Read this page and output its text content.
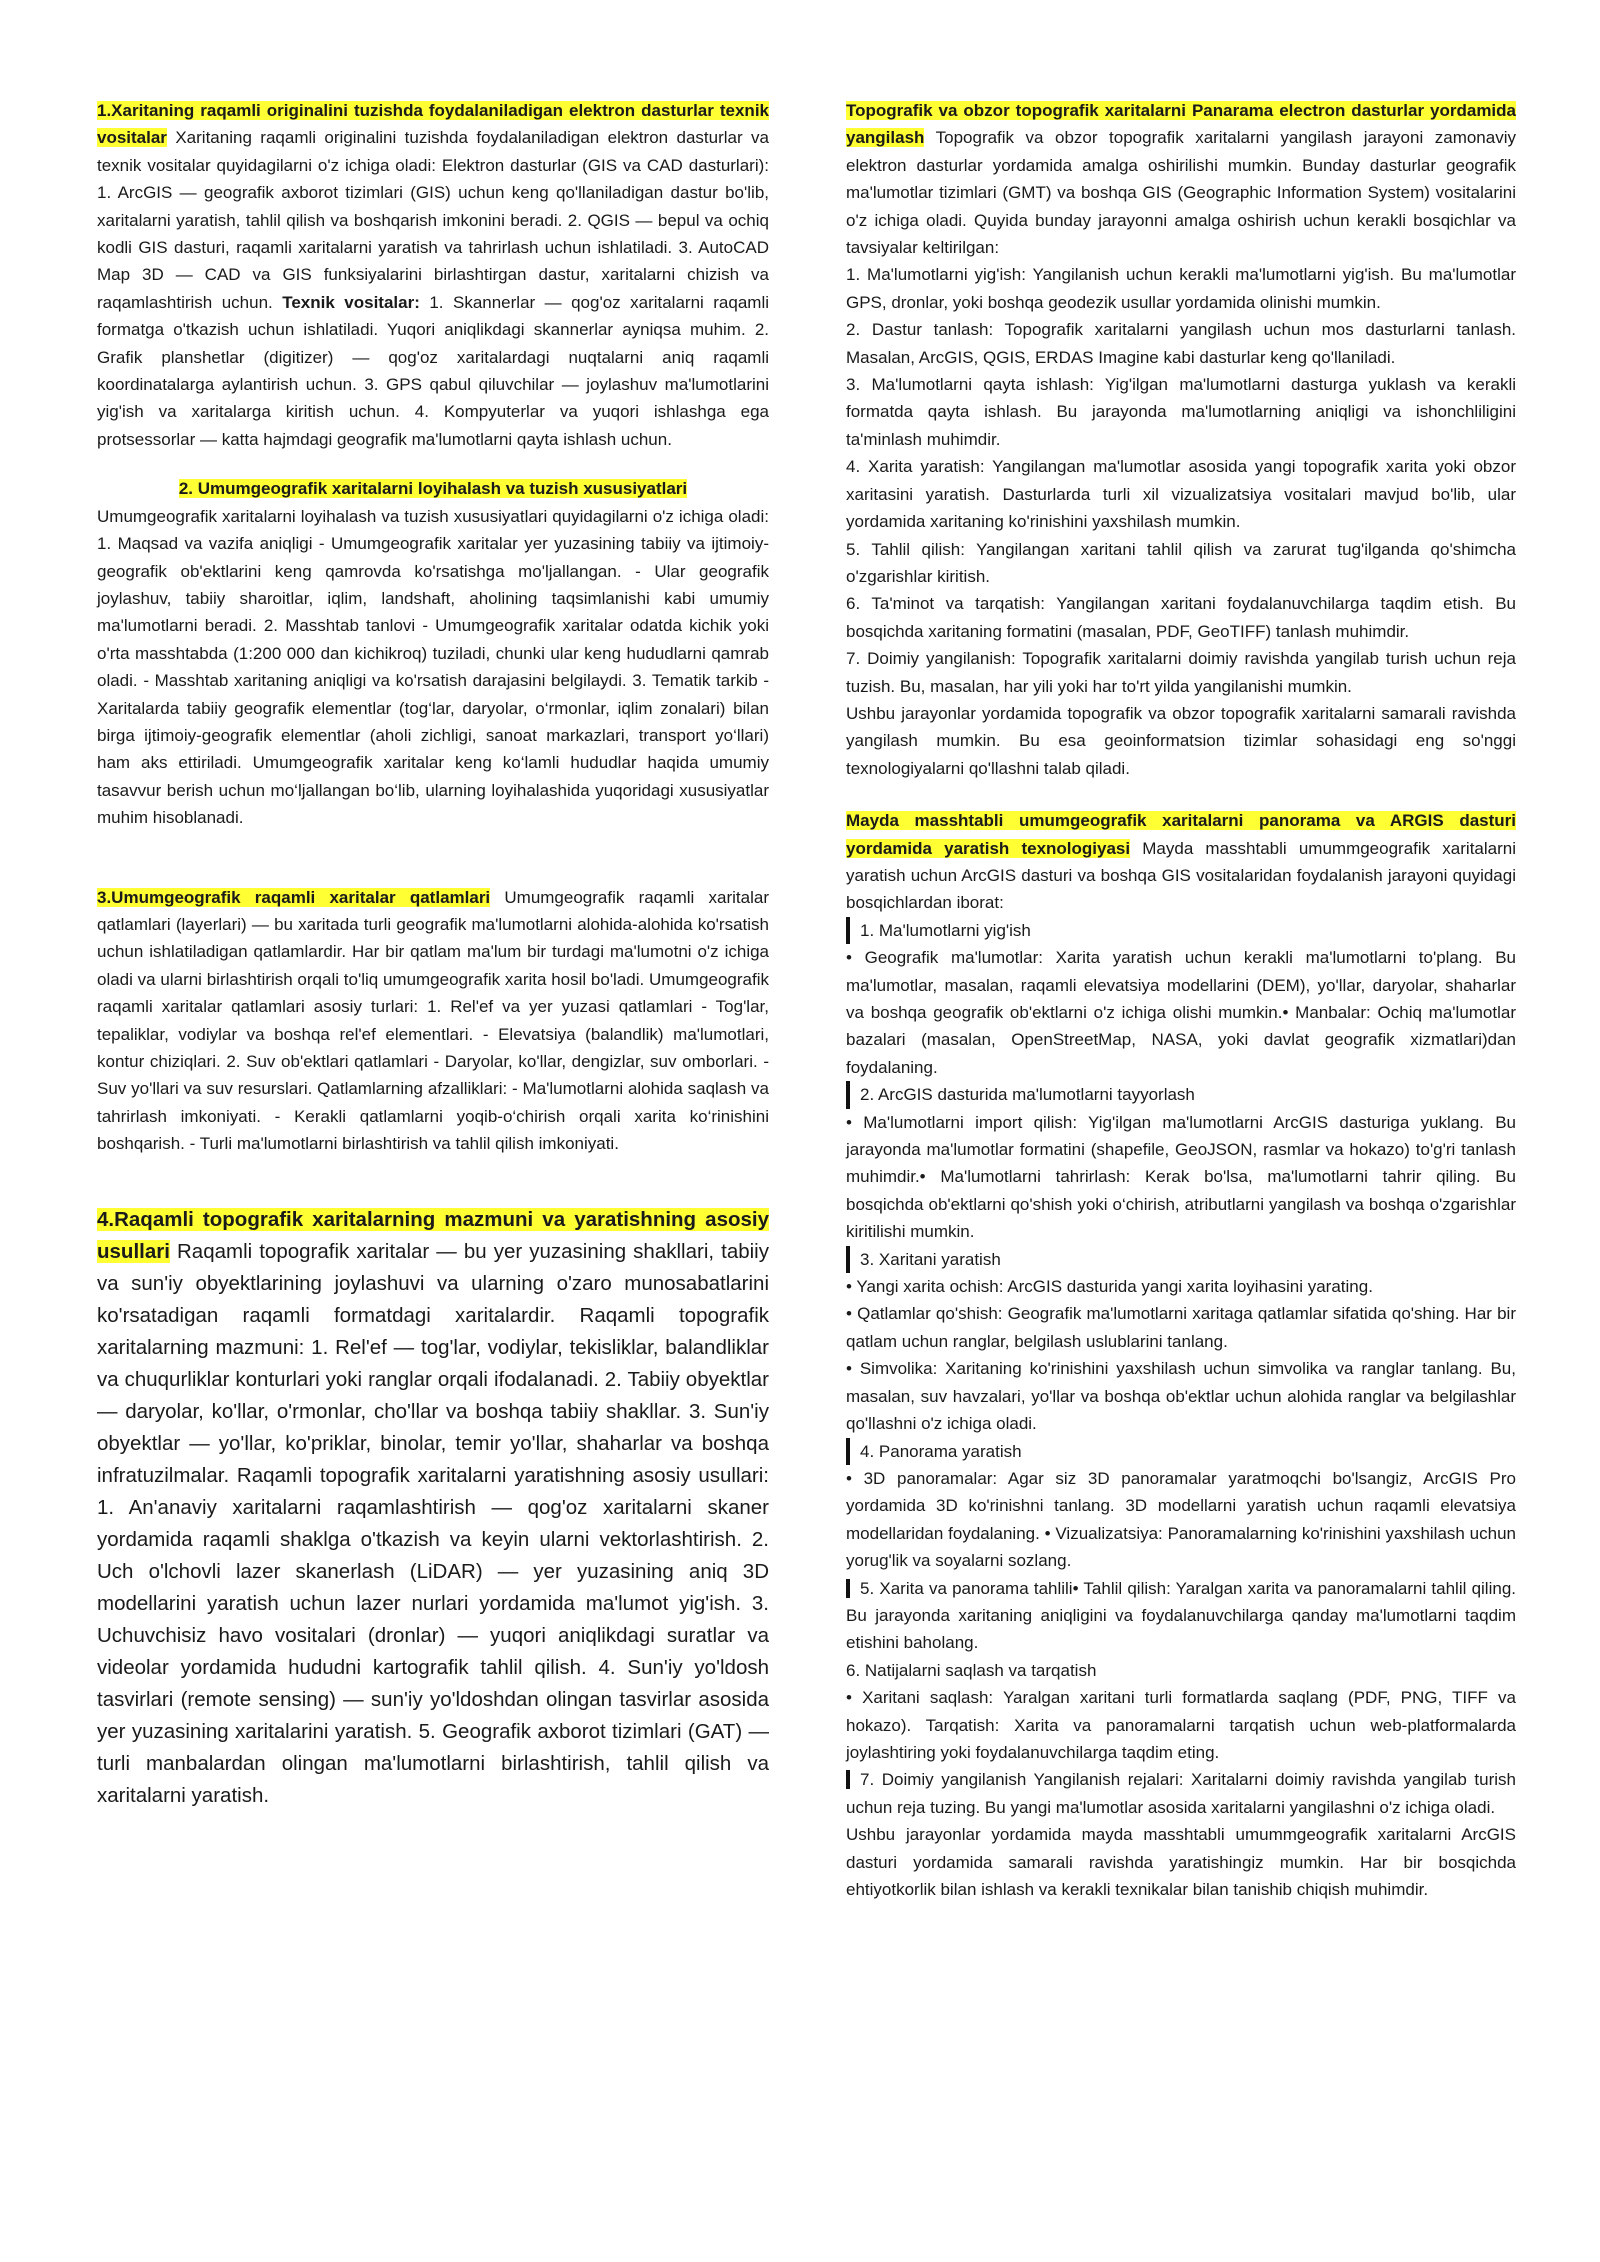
1.Xaritaning raqamli originalini tuzishda foydalaniladigan elektron dasturlar texnik vositalar Xaritaning raqamli originalini tuzishda foydalaniladigan elektron dasturlar va texnik vositalar quyidagilarni o'z ichiga oladi: Elektron dasturlar (GIS va CAD dasturlari): 1. ArcGIS — geografik axborot tizimlari (GIS) uchun keng qo'llaniladigan dastur bo'lib, xaritalarni yaratish, tahlil qilish va boshqarish imkonini beradi. 2. QGIS — bepul va ochiq kodli GIS dasturi, raqamli xaritalarni yaratish va tahrirlash uchun ishlatiladi. 3. AutoCAD Map 3D — CAD va GIS funksiyalarini birlashtirgan dastur, xaritalarni chizish va raqamlashtirish uchun. Texnik vositalar: 1. Skannerlar — qog'oz xaritalarni raqamli formatga o'tkazish uchun ishlatiladi. Yuqori aniqlikdagi skannerlar ayniqsa muhim. 2. Grafik planshetlar (digitizer) — qog'oz xaritalardagi nuqtalarni aniq raqamli koordinatalarga aylantirish uchun. 3. GPS qabul qiluvchilar — joylashuv ma'lumotlarini yig'ish va xaritalarga kiritish uchun. 4. Kompyuterlar va yuqori ishlashga ega protsessorlar — katta hajmdagi geografik ma'lumotlarni qayta ishlash uchun.

2. Umumgeografik xaritalarni loyihalash va tuzish xususiyatlari

Umumgeografik xaritalarni loyihalash va tuzish xususiyatlari quyidagilarni o'z ichiga oladi: 1. Maqsad va vazifa aniqligi - Umumgeografik xaritalar yer yuzasining tabiiy va ijtimoiy-geografik ob'ektlarini keng qamrovda ko'rsatishga mo'ljallangan. - Ular geografik joylashuv, tabiiy sharoitlar, iqlim, landshaft, aholining taqsimlanishi kabi umumiy ma'lumotlarni beradi. 2. Masshtab tanlovi - Umumgeografik xaritalar odatda kichik yoki o'rta masshtabda (1:200 000 dan kichikroq) tuziladi, chunki ular keng hududlarni qamrab oladi. - Masshtab xaritaning aniqligi va ko'rsatish darajasini belgilaydi. 3. Tematik tarkib - Xaritalarda tabiiy geografik elementlar (tog‘lar, daryolar, o‘rmonlar, iqlim zonalari) bilan birga ijtimoiy-geografik elementlar (aholi zichligi, sanoat markazlari, transport yo‘llari) ham aks ettiriladi. Umumgeografik xaritalar keng ko‘lamli hududlar haqida umumiy tasavvur berish uchun mo‘ljallangan bo‘lib, ularning loyihalashida yuqoridagi xususiyatlar muhim hisoblanadi.

3.Umumgeografik raqamli xaritalar qatlamlari Umumgeografik raqamli xaritalar qatlamlari (layerlari) — bu xaritada turli geografik ma'lumotlarni alohida-alohida ko'rsatish uchun ishlatiladigan qatlamlardir. Har bir qatlam ma'lum bir turdagi ma'lumotni o'z ichiga oladi va ularni birlashtirish orqali to'liq umumgeografik xarita hosil bo'ladi. Umumgeografik raqamli xaritalar qatlamlari asosiy turlari: 1. Rel'ef va yer yuzasi qatlamlari - Tog'lar, tepaliklar, vodiylar va boshqa rel'ef elementlari. - Elevatsiya (balandlik) ma'lumotlari, kontur chiziqlari. 2. Suv ob'ektlari qatlamlari - Daryolar, ko'llar, dengizlar, suv omborlari. - Suv yo'llari va suv resurslari. Qatlamlarning afzalliklari: - Ma'lumotlarni alohida saqlash va tahrirlash imkoniyati. - Kerakli qatlamlarni yoqib-o‘chirish orqali xarita ko‘rinishini boshqarish. - Turli ma'lumotlarni birlashtirish va tahlil qilish imkoniyati.

4.Raqamli topografik xaritalarning mazmuni va yaratishning asosiy usullari Raqamli topografik xaritalar — bu yer yuzasining shakllari, tabiiy va sun'iy obyektlarining joylashuvi va ularning o'zaro munosabatlarini ko'rsatadigan raqamli formatdagi xaritalardir. Raqamli topografik xaritalarning mazmuni: 1. Rel'ef — tog'lar, vodiylar, tekisliklar, balandliklar va chuqurliklar konturlari yoki ranglar orqali ifodalanadi. 2. Tabiiy obyektlar — daryolar, ko'llar, o'rmonlar, cho'llar va boshqa tabiiy shakllar. 3. Sun'iy obyektlar — yo'llar, ko'priklar, binolar, temir yo'llar, shaharlar va boshqa infratuzilmalar. Raqamli topografik xaritalarni yaratishning asosiy usullari: 1. An'anaviy xaritalarni raqamlashtirish — qog'oz xaritalarni skaner yordamida raqamli shaklga o'tkazish va keyin ularni vektorlashtirish. 2. Uch o'lchovli lazer skanerlash (LiDAR) — yer yuzasining aniq 3D modellarini yaratish uchun lazer nurlari yordamida ma'lumot yig'ish. 3. Uchuvchisiz havo vositalari (dronlar) — yuqori aniqlikdagi suratlar va videolar yordamida hududni kartografik tahlil qilish. 4. Sun'iy yo'ldosh tasvirlari (remote sensing) — sun'iy yo'ldoshdan olingan tasvirlar asosida yer yuzasining xaritalarini yaratish. 5. Geografik axborot tizimlari (GAT) — turli manbalardan olingan ma'lumotlarni birlashtirish, tahlil qilish va xaritalarni yaratish.

Topografik va obzor topografik xaritalarni Panarama electron dasturlar yordamida yangilash Topografik va obzor topografik xaritalarni yangilash jarayoni zamonaviy elektron dasturlar yordamida amalga oshirilishi mumkin. Bunday dasturlar geografik ma'lumotlar tizimlari (GMT) va boshqa GIS (Geographic Information System) vositalarini o'z ichiga oladi. Quyida bunday jarayonni amalga oshirish uchun kerakli bosqichlar va tavsiyalar keltirilgan:

1. Ma'lumotlarni yig'ish: Yangilanish uchun kerakli ma'lumotlarni yig'ish. Bu ma'lumotlar GPS, dronlar, yoki boshqa geodezik usullar yordamida olinishi mumkin.

2. Dastur tanlash: Topografik xaritalarni yangilash uchun mos dasturlarni tanlash. Masalan, ArcGIS, QGIS, ERDAS Imagine kabi dasturlar keng qo'llaniladi.

3. Ma'lumotlarni qayta ishlash: Yig'ilgan ma'lumotlarni dasturga yuklash va kerakli formatda qayta ishlash. Bu jarayonda ma'lumotlarning aniqligi va ishonchliligini ta'minlash muhimdir.

4. Xarita yaratish: Yangilangan ma'lumotlar asosida yangi topografik xarita yoki obzor xaritasini yaratish. Dasturlarda turli xil vizualizatsiya vositalari mavjud bo'lib, ular yordamida xaritaning ko'rinishini yaxshilash mumkin.

5. Tahlil qilish: Yangilangan xaritani tahlil qilish va zarurat tug'ilganda qo'shimcha o'zgarishlar kiritish.

6. Ta'minot va tarqatish: Yangilangan xaritani foydalanuvchilarga taqdim etish. Bu bosqichda xaritaning formatini (masalan, PDF, GeoTIFF) tanlash muhimdir.

7. Doimiy yangilanish: Topografik xaritalarni doimiy ravishda yangilab turish uchun reja tuzish. Bu, masalan, har yili yoki har to'rt yilda yangilanishi mumkin.

Ushbu jarayonlar yordamida topografik va obzor topografik xaritalarni samarali ravishda yangilash mumkin. Bu esa geoinformatsion tizimlar sohasidagi eng so'nggi texnologiyalarni qo'llashni talab qiladi.

Mayda masshtabli umumgeografik xaritalarni panorama va ARGIS dasturi yordamida yaratish texnologiyasi Mayda masshtabli umummgeografik xaritalarni yaratish uchun ArcGIS dasturi va boshqa GIS vositalaridan foydalanish jarayoni quyidagi bosqichlardan iborat:

1. Ma'lumotlarni yig'ish

• Geografik ma'lumotlar: Xarita yaratish uchun kerakli ma'lumotlarni to'plang. Bu ma'lumotlar, masalan, raqamli elevatsiya modellarini (DEM), yo'llar, daryolar, shaharlar va boshqa geografik ob'ektlarni o'z ichiga olishi mumkin.• Manbalar: Ochiq ma'lumotlar bazalari (masalan, OpenStreetMap, NASA, yoki davlat geografik xizmatlari)dan foydalaning.

2. ArcGIS dasturida ma'lumotlarni tayyorlash

• Ma'lumotlarni import qilish: Yig'ilgan ma'lumotlarni ArcGIS dasturiga yuklang. Bu jarayonda ma'lumotlar formatini (shapefile, GeoJSON, rasmlar va hokazo) to'g'ri tanlash muhimdir.• Ma'lumotlarni tahrirlash: Kerak bo'lsa, ma'lumotlarni tahrir qiling. Bu bosqichda ob'ektlarni qo'shish yoki o‘chirish, atributlarni yangilash va boshqa o'zgarishlar kiritilishi mumkin.

3. Xaritani yaratish

• Yangi xarita ochish: ArcGIS dasturida yangi xarita loyihasini yarating.

• Qatlamlar qo'shish: Geografik ma'lumotlarni xaritaga qatlamlar sifatida qo'shing. Har bir qatlam uchun ranglar, belgilash uslublarini tanlang.

• Simvolika: Xaritaning ko'rinishini yaxshilash uchun simvolika va ranglar tanlang. Bu, masalan, suv havzalari, yo'llar va boshqa ob'ektlar uchun alohida ranglar va belgilashlar qo'llashni o'z ichiga oladi.

4. Panorama yaratish

• 3D panoramalar: Agar siz 3D panoramalar yaratmoqchi bo'lsangiz, ArcGIS Pro yordamida 3D ko'rinishni tanlang. 3D modellarni yaratish uchun raqamli elevatsiya modellaridan foydalaning. • Vizualizatsiya: Panoramalarning ko'rinishini yaxshilash uchun yorug'lik va soyalarni sozlang.

5. Xarita va panorama tahlili• Tahlil qilish: Yaralgan xarita va panoramalarni tahlil qiling. Bu jarayonda xaritaning aniqligini va foydalanuvchilarga qanday ma'lumotlarni taqdim etishini baholang.

6. Natijalarni saqlash va tarqatish

• Xaritani saqlash: Yaralgan xaritani turli formatlarda saqlang (PDF, PNG, TIFF va hokazo). Tarqatish: Xarita va panoramalarni tarqatish uchun web-platformalarda joylashtiring yoki foydalanuvchilarga taqdim eting.

7. Doimiy yangilanish Yangilanish rejalari: Xaritalarni doimiy ravishda yangilab turish uchun reja tuzing. Bu yangi ma'lumotlar asosida xaritalarni yangilashni o'z ichiga oladi.

Ushbu jarayonlar yordamida mayda masshtabli umummgeografik xaritalarni ArcGIS dasturi yordamida samarali ravishda yaratishingiz mumkin. Har bir bosqichda ehtiyotkorlik bilan ishlash va kerakli texnikalar bilan tanishib chiqish muhimdir.
